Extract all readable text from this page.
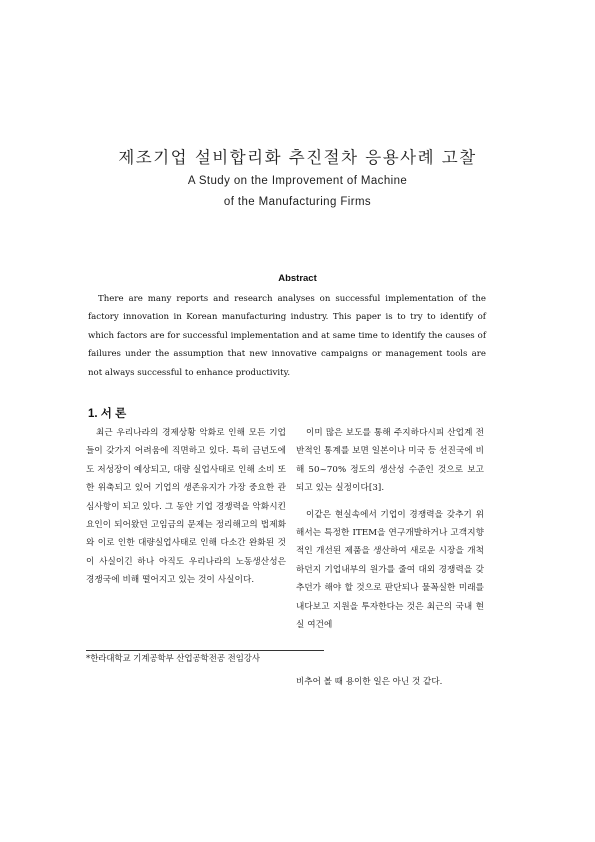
제조기업 설비합리화 추진절차 응용사례 고찰
A Study on the Improvement of Machine
of the Manufacturing Firms
Abstract
There are many reports and research analyses on successful implementation of the factory innovation in Korean manufacturing industry. This paper is to try to identify of which factors are for successful implementation and at same time to identify the causes of failures under the assumption that new innovative campaigns or management tools are not always successful to enhance productivity.
1. 서 론

최근 우리나라의 경제상황 악화로 인해 모든 기업들이 갖가지 어려움에 직면하고 있다. 특히 금년도에도 저성장이 예상되고, 대량 실업사태로 인해 소비 또한 위축되고 있어 기업의 생존유지가 가장 중요한 관심사항이 되고 있다. 그 동안 기업 경쟁력을 악화시킨 요인이 되어왔던 고임금의 문제는 정리해고의 법제화와 이로 인한 대량실업사태로 인해 다소간 완화된 것이 사실이긴 하나 아직도 우리나라의 노동생산성은 경쟁국에 비해 떨어지고 있는 것이 사실이다.

이미 많은 보도를 통해 주지하다시피 산업계 전반적인 통계를 보면 일본이나 미국 등 선진국에 비해 50~70% 정도의 생산성 수준인 것으로 보고되고 있는 실정이다[3].

이같은 현실속에서 기업이 경쟁력을 갖추기 위해서는 특정한 ITEM을 연구개발하거나 고객지향적인 개선된 제품을 생산하여 새로운 시장을 개척하던지 기업내부의 원가를 줄여 대외 경쟁력을 갖추던가 해야 할 것으로 판단되나 물꼭실한 미래를 내다보고 지원을 투자한다는 것은 최근의 국내 현실 여건에

*한라대학교 기계공학부 산업공학전공 전임강사
비추어 볼 때 용이한 일은 아닌 것 같다.
